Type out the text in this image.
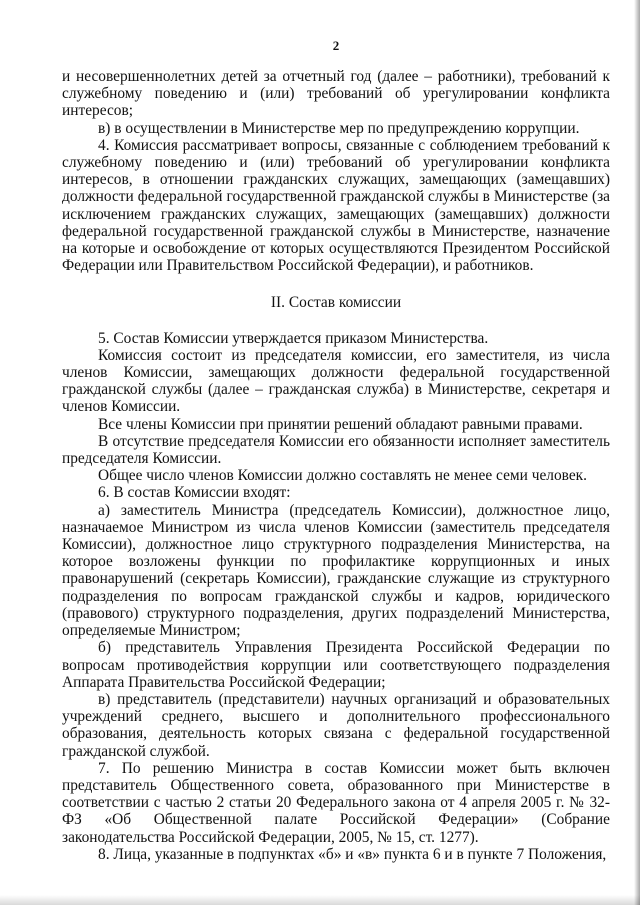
2

и несовершеннолетних детей за отчетный год (далее – работники), требований к служебному поведению и (или) требований об урегулировании конфликта интересов;

в) в осуществлении в Министерстве мер по предупреждению коррупции.

4. Комиссия рассматривает вопросы, связанные с соблюдением требований к служебному поведению и (или) требований об урегулировании конфликта интересов, в отношении гражданских служащих, замещающих (замещавших) должности федеральной государственной гражданской службы в Министерстве (за исключением гражданских служащих, замещающих (замещавших) должности федеральной государственной гражданской службы в Министерстве, назначение на которые и освобождение от которых осуществляются Президентом Российской Федерации или Правительством Российской Федерации), и работников.

II. Состав комиссии

5. Состав Комиссии утверждается приказом Министерства.

Комиссия состоит из председателя комиссии, его заместителя, из числа членов Комиссии, замещающих должности федеральной государственной гражданской службы (далее – гражданская служба) в Министерстве, секретаря и членов Комиссии.

Все члены Комиссии при принятии решений обладают равными правами.

В отсутствие председателя Комиссии его обязанности исполняет заместитель председателя Комиссии.

Общее число членов Комиссии должно составлять не менее семи человек.

6. В состав Комиссии входят:

а) заместитель Министра (председатель Комиссии), должностное лицо, назначаемое Министром из числа членов Комиссии (заместитель председателя Комиссии), должностное лицо структурного подразделения Министерства, на которое возложены функции по профилактике коррупционных и иных правонарушений (секретарь Комиссии), гражданские служащие из структурного подразделения по вопросам гражданской службы и кадров, юридического (правового) структурного подразделения, других подразделений Министерства, определяемые Министром;

б) представитель Управления Президента Российской Федерации по вопросам противодействия коррупции или соответствующего подразделения Аппарата Правительства Российской Федерации;

в) представитель (представители) научных организаций и образовательных учреждений среднего, высшего и дополнительного профессионального образования, деятельность которых связана с федеральной государственной гражданской службой.

7. По решению Министра в состав Комиссии может быть включен представитель Общественного совета, образованного при Министерстве в соответствии с частью 2 статьи 20 Федерального закона от 4 апреля 2005 г. № 32-ФЗ «Об Общественной палате Российской Федерации» (Собрание законодательства Российской Федерации, 2005, № 15, ст. 1277).

8. Лица, указанные в подпунктах «б» и «в» пункта 6 и в пункте 7 Положения,
